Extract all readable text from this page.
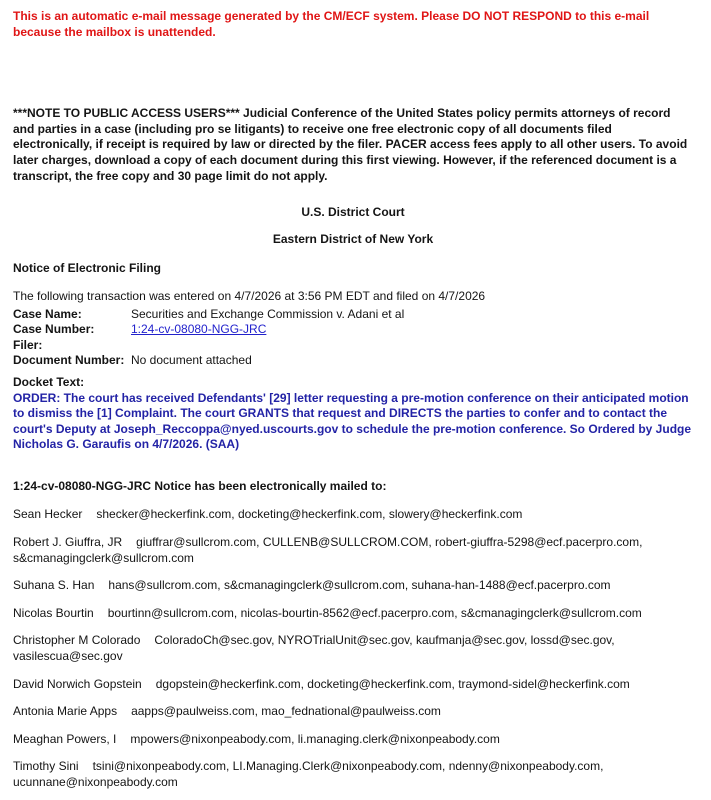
This is an automatic e-mail message generated by the CM/ECF system. Please DO NOT RESPOND to this e-mail because the mailbox is unattended.

***NOTE TO PUBLIC ACCESS USERS*** Judicial Conference of the United States policy permits attorneys of record and parties in a case (including pro se litigants) to receive one free electronic copy of all documents filed electronically, if receipt is required by law or directed by the filer. PACER access fees apply to all other users. To avoid later charges, download a copy of each document during this first viewing. However, if the referenced document is a transcript, the free copy and 30 page limit do not apply.

U.S. District Court
Eastern District of New York
Notice of Electronic Filing

The following transaction was entered on 4/7/2026 at 3:56 PM EDT and filed on 4/7/2026

Case Name:	Securities and Exchange Commission v. Adani et al
Case Number:	1:24-cv-08080-NGG-JRC
Filer:	
Document Number:	No document attached

Docket Text:

ORDER: The court has received Defendants' [29] letter requesting a pre-motion conference on their anticipated motion to dismiss the [1] Complaint. The court GRANTS that request and DIRECTS the parties to confer and to contact the court's Deputy at Joseph_Reccoppa@nyed.uscourts.gov to schedule the pre-motion conference. So Ordered by Judge Nicholas G. Garaufis on 4/7/2026. (SAA)

1:24-cv-08080-NGG-JRC Notice has been electronically mailed to:

Sean Hecker shecker@heckerfink.com, docketing@heckerfink.com, slowery@heckerfink.com

Robert J. Giuffra, JR giuffrar@sullcrom.com, CULLENB@SULLCROM.COM, robert-giuffra-5298@ecf.pacerpro.com, s&cmanagingclerk@sullcrom.com

Suhana S. Han hans@sullcrom.com, s&cmanagingclerk@sullcrom.com, suhana-han-1488@ecf.pacerpro.com

Nicolas Bourtin bourtinn@sullcrom.com, nicolas-bourtin-8562@ecf.pacerpro.com, s&cmanagingclerk@sullcrom.com

Christopher M Colorado ColoradoCh@sec.gov, NYROTrialUnit@sec.gov, kaufmanja@sec.gov, lossd@sec.gov, vasilescua@sec.gov

David Norwich Gopstein dgopstein@heckerfink.com, docketing@heckerfink.com, traymond-sidel@heckerfink.com

Antonia Marie Apps aapps@paulweiss.com, mao_fednational@paulweiss.com

Meaghan Powers, I mpowers@nixonpeabody.com, li.managing.clerk@nixonpeabody.com

Timothy Sini tsini@nixonpeabody.com, LI.Managing.Clerk@nixonpeabody.com, ndenny@nixonpeabody.com, ucunnane@nixonpeabody.com
